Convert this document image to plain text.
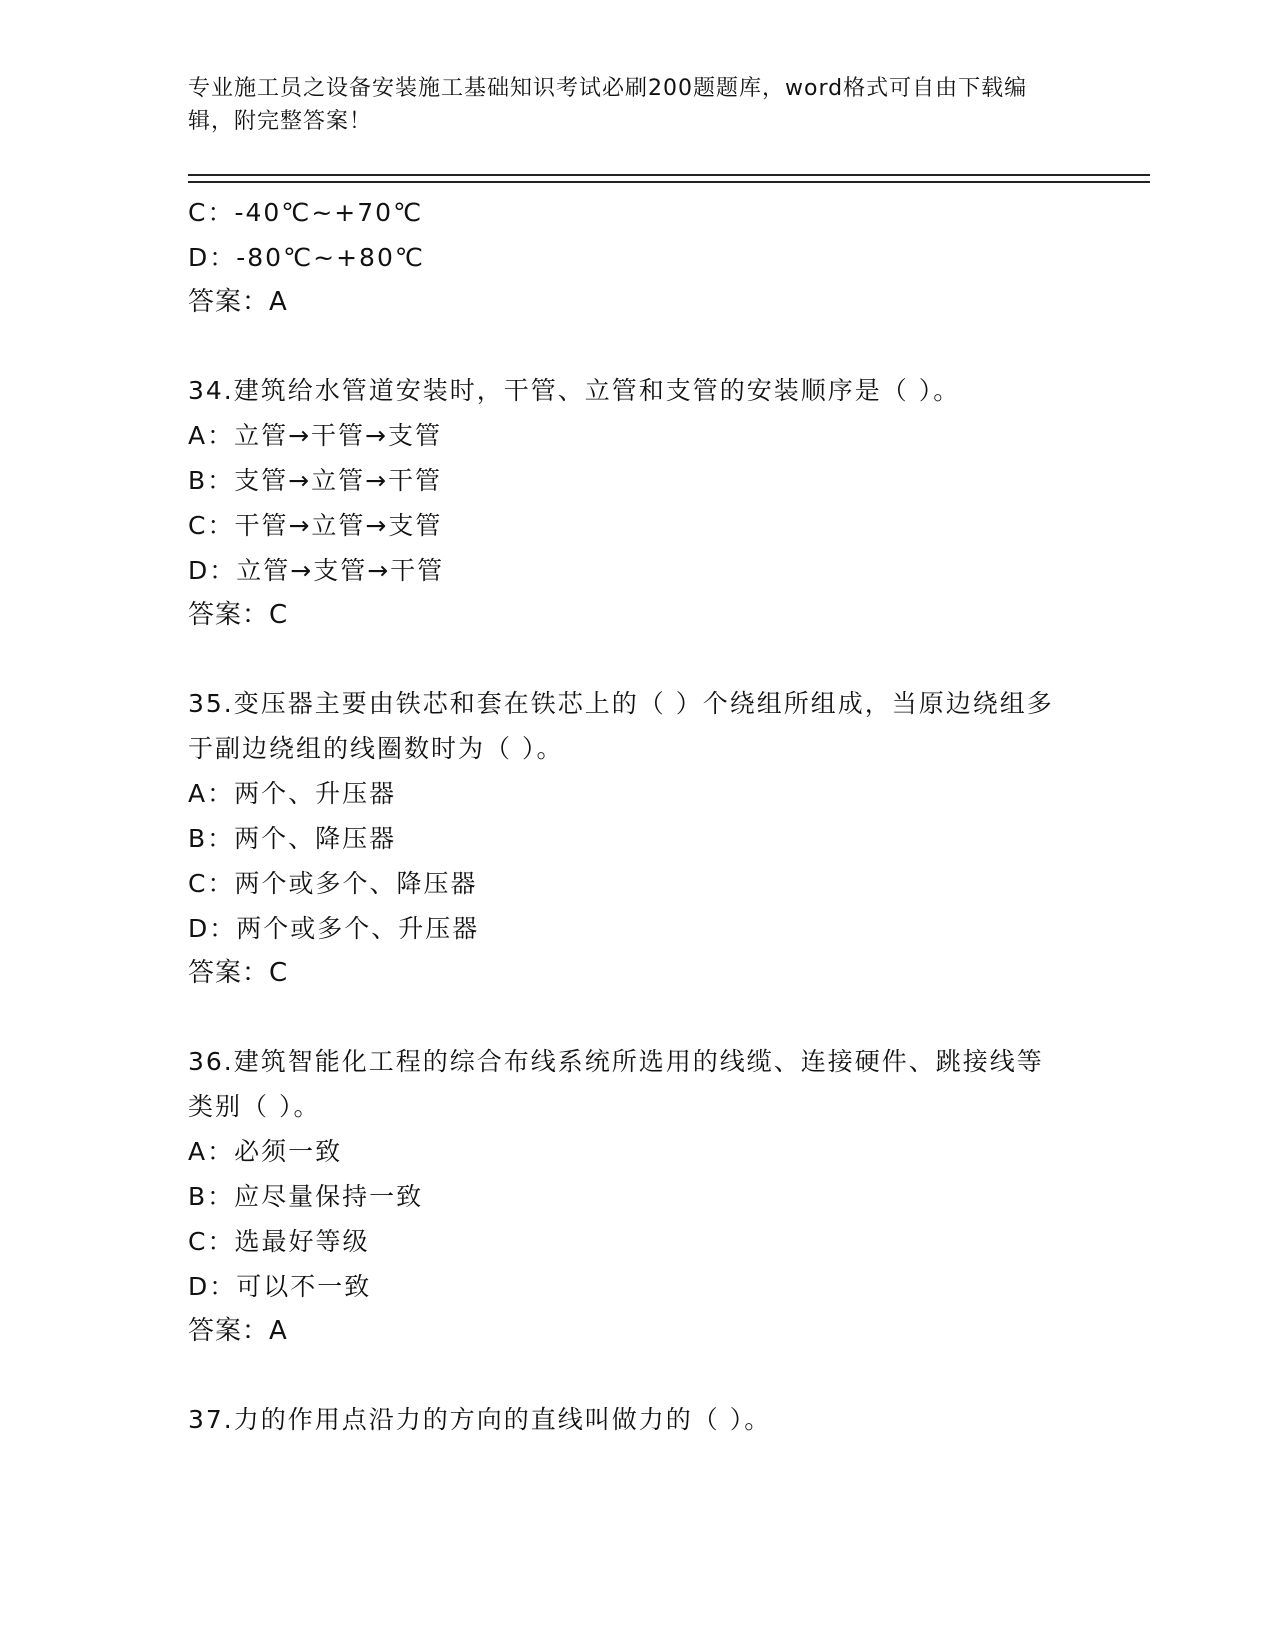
专业施工员之设备安装施工基础知识考试必刷200题题库，word格式可自由下载编辑，附完整答案！
C：-40℃~+70℃
D：-80℃~+80℃
答案：A
34.建筑给水管道安装时，干管、立管和支管的安装顺序是（ ）。
A：立管→干管→支管
B：支管→立管→干管
C：干管→立管→支管
D：立管→支管→干管
答案：C
35.变压器主要由铁芯和套在铁芯上的（ ）个绕组所组成，当原边绕组多于副边绕组的线圈数时为（ ）。
A：两个、升压器
B：两个、降压器
C：两个或多个、降压器
D：两个或多个、升压器
答案：C
36.建筑智能化工程的综合布线系统所选用的线缆、连接硬件、跳接线等类别（ ）。
A：必须一致
B：应尽量保持一致
C：选最好等级
D：可以不一致
答案：A
37.力的作用点沿力的方向的直线叫做力的（ ）。
